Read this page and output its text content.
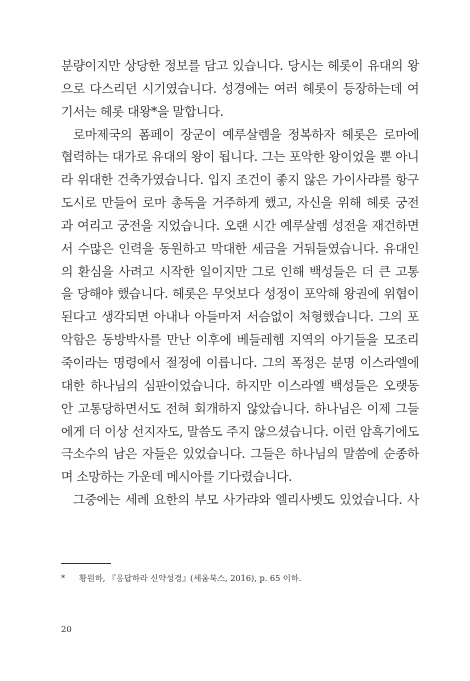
분량이지만 상당한 정보를 담고 있습니다. 당시는 헤롯이 유대의 왕
으로 다스리던 시기였습니다. 성경에는 여러 헤롯이 등장하는데 여
기서는 헤롯 대왕*을 말합니다.
로마제국의 폼페이 장군이 예루살렘을 정복하자 헤롯은 로마에
협력하는 대가로 유대의 왕이 됩니다. 그는 포악한 왕이었을 뿐 아니
라 위대한 건축가였습니다. 입지 조건이 좋지 않은 가이사랴를 항구
도시로 만들어 로마 총독을 거주하게 했고, 자신을 위해 헤롯 궁전
과 여리고 궁전을 지었습니다. 오랜 시간 예루살렘 성전을 재건하면
서 수많은 인력을 동원하고 막대한 세금을 거둬들였습니다. 유대인
의 환심을 사려고 시작한 일이지만 그로 인해 백성들은 더 큰 고통
을 당해야 했습니다. 헤롯은 무엇보다 성정이 포악해 왕권에 위협이
된다고 생각되면 아내나 아들마저 서슴없이 처형했습니다. 그의 포
악함은 동방박사를 만난 이후에 베들레헴 지역의 아기들을 모조리
죽이라는 명령에서 절정에 이릅니다. 그의 폭정은 분명 이스라엘에
대한 하나님의 심판이었습니다. 하지만 이스라엘 백성들은 오랫동
안 고통당하면서도 전혀 회개하지 않았습니다. 하나님은 이제 그들
에게 더 이상 선지자도, 말씀도 주지 않으셨습니다. 이런 암흑기에도
극소수의 남은 자들은 있었습니다. 그들은 하나님의 말씀에 순종하
며 소망하는 가운데 메시아를 기다렸습니다.
그중에는 세례 요한의 부모 사가랴와 엘리사벳도 있었습니다. 사
* 황원하, 『응답하라 신약성경』(세움북스, 2016), p. 65 이하.
20
